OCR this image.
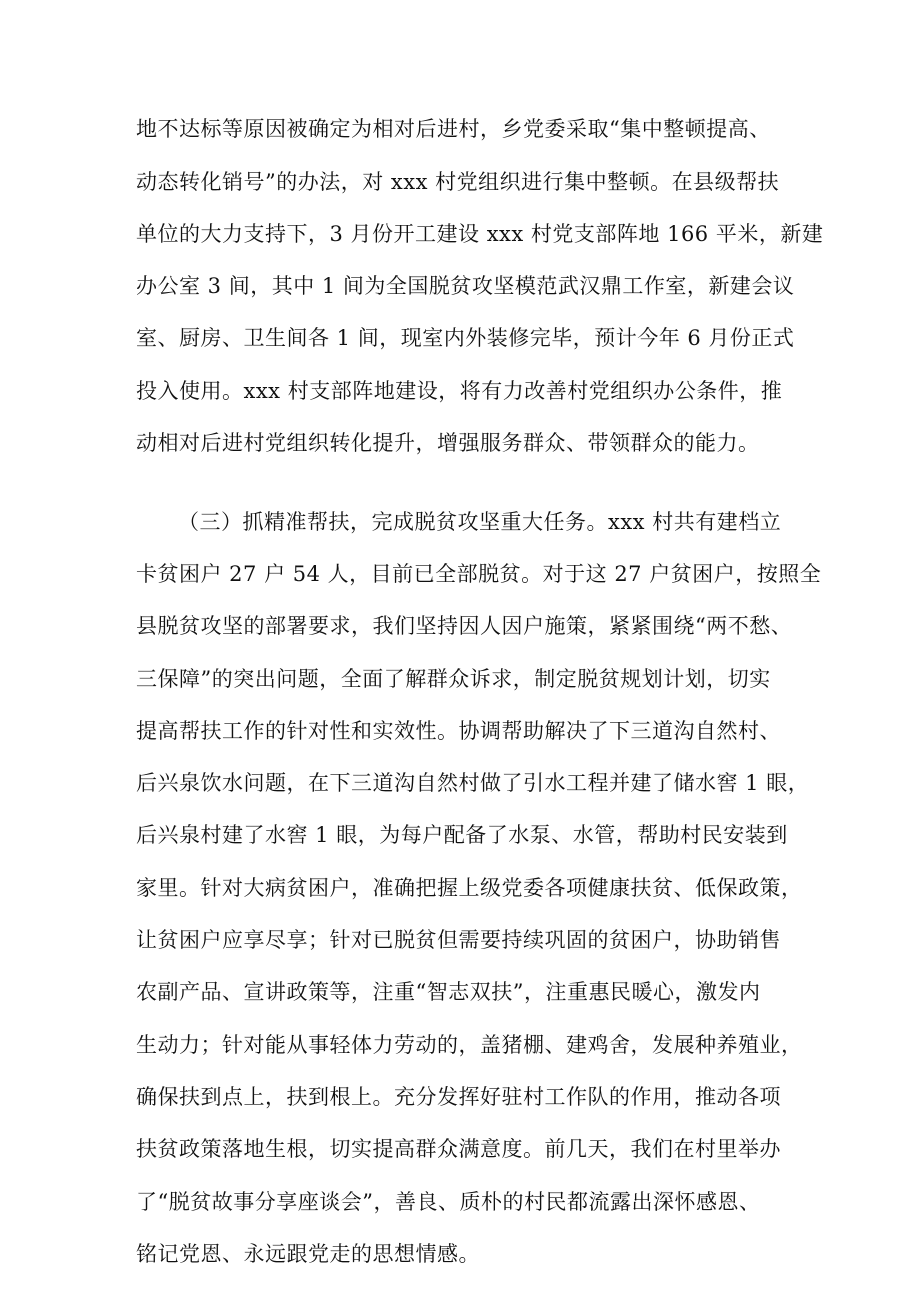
地不达标等原因被确定为相对后进村，乡党委采取“集中整顿提高、
动态转化销号”的办法，对 xxx 村党组织进行集中整顿。在县级帮扶
单位的大力支持下，3 月份开工建设 xxx 村党支部阵地 166 平米，新建
办公室 3 间，其中 1 间为全国脱贫攻坚模范武汉鼎工作室，新建会议
室、厨房、卫生间各 1 间，现室内外装修完毕，预计今年 6 月份正式
投入使用。xxx 村支部阵地建设，将有力改善村党组织办公条件，推
动相对后进村党组织转化提升，增强服务群众、带领群众的能力。
（三）抓精准帮扶，完成脱贫攻坚重大任务。xxx 村共有建档立
卡贫困户 27 户 54 人，目前已全部脱贫。对于这 27 户贫困户，按照全
县脱贫攻坚的部署要求，我们坚持因人因户施策，紧紧围绕“两不愁、
三保障”的突出问题，全面了解群众诉求，制定脱贫规划计划，切实
提高帮扶工作的针对性和实效性。协调帮助解决了下三道沟自然村、
后兴泉饮水问题，在下三道沟自然村做了引水工程并建了储水窖 1 眼，
后兴泉村建了水窖 1 眼，为每户配备了水泵、水管，帮助村民安装到
家里。针对大病贫困户，准确把握上级党委各项健康扶贫、低保政策，
让贫困户应享尽享；针对已脱贫但需要持续巩固的贫困户，协助销售
农副产品、宣讲政策等，注重“智志双扶”，注重惠民暖心，激发内
生动力；针对能从事轻体力劳动的，盖猪棚、建鸡舍，发展种养殖业，
确保扶到点上，扶到根上。充分发挥好驻村工作队的作用，推动各项
扶贫政策落地生根，切实提高群众满意度。前几天，我们在村里举办
了“脱贫故事分享座谈会”，善良、质朴的村民都流露出深怀感恩、
铭记党恩、永远跟党走的思想情感。
